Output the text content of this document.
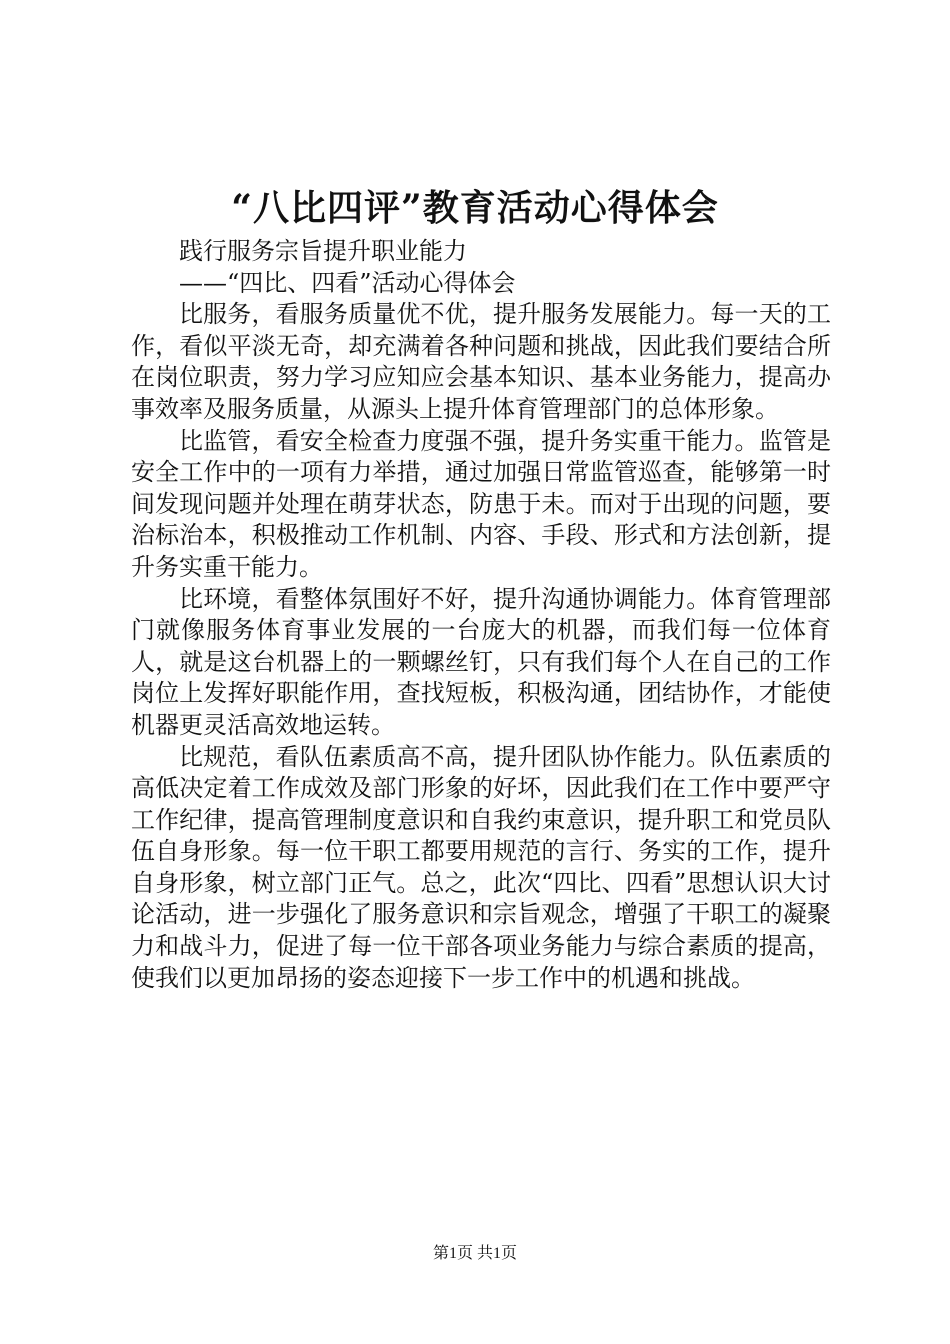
“八比四评”教育活动心得体会

践行服务宗旨提升职业能力

——“四比、四看”活动心得体会

比服务，看服务质量优不优，提升服务发展能力。每一天的工作，看似平淡无奇，却充满着各种问题和挑战，因此我们要结合所在岗位职责，努力学习应知应会基本知识、基本业务能力，提高办事效率及服务质量，从源头上提升体育管理部门的总体形象。

比监管，看安全检查力度强不强，提升务实重干能力。监管是安全工作中的一项有力举措，通过加强日常监管巡查，能够第一时间发现问题并处理在萌芽状态，防患于未。而对于出现的问题，要治标治本，积极推动工作机制、内容、手段、形式和方法创新，提升务实重干能力。

比环境，看整体氛围好不好，提升沟通协调能力。体育管理部门就像服务体育事业发展的一台庞大的机器，而我们每一位体育人，就是这台机器上的一颗螺丝钉，只有我们每个人在自己的工作岗位上发挥好职能作用，查找短板，积极沟通，团结协作，才能使机器更灵活高效地运转。

比规范，看队伍素质高不高，提升团队协作能力。队伍素质的高低决定着工作成效及部门形象的好坏，因此我们在工作中要严守工作纪律，提高管理制度意识和自我约束意识，提升职工和党员队伍自身形象。每一位干职工都要用规范的言行、务实的工作，提升自身形象，树立部门正气。总之，此次“四比、四看”思想认识大讨论活动，进一步强化了服务意识和宗旨观念，增强了干职工的凝聚力和战斗力，促进了每一位干部各项业务能力与综合素质的提高，使我们以更加昂扬的姿态迎接下一步工作中的机遇和挑战。

第1页 共1页
